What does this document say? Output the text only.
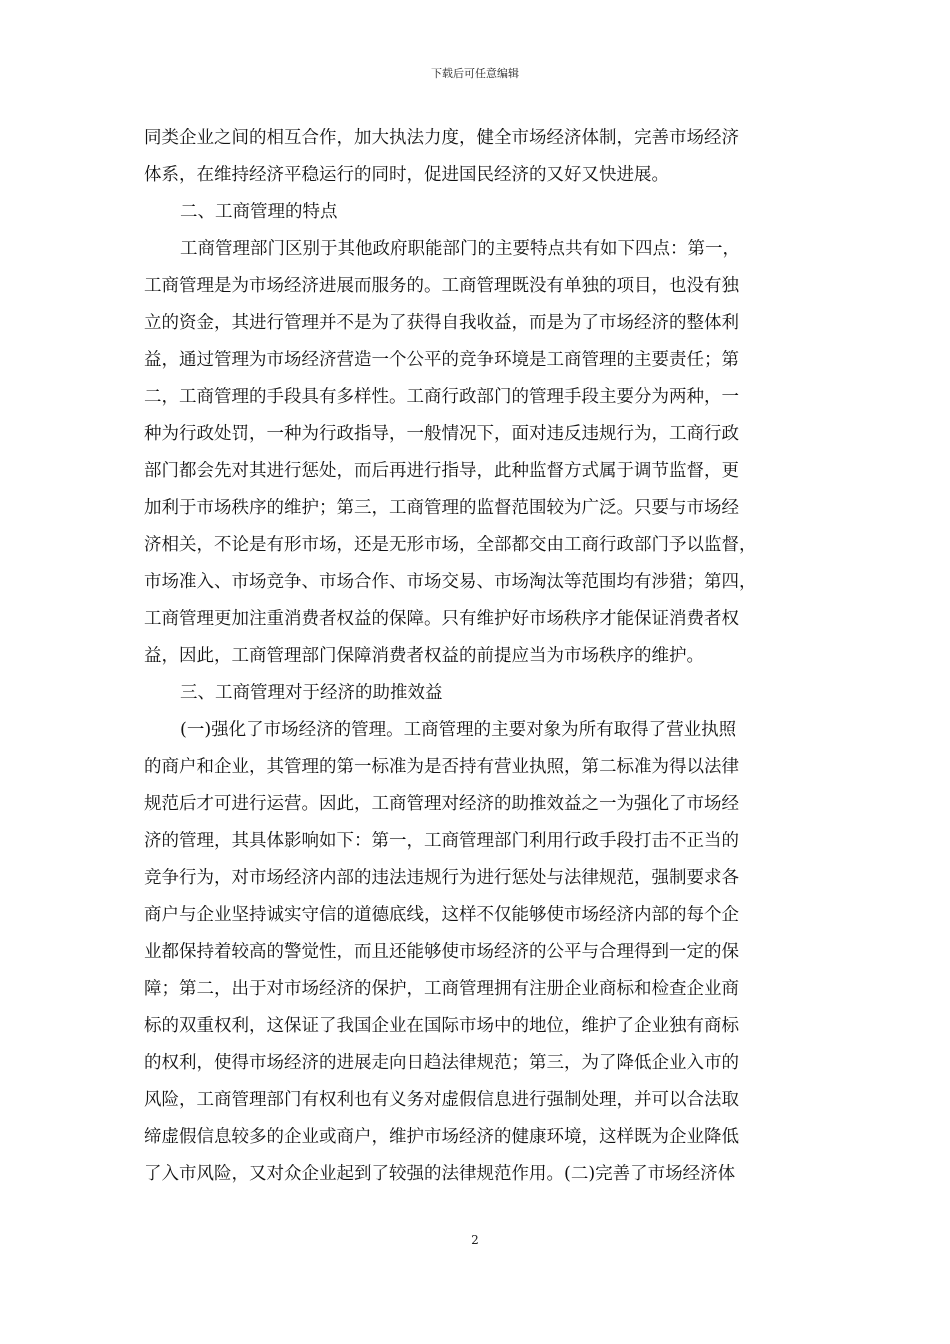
下载后可任意编辑
同类企业之间的相互合作，加大执法力度，健全市场经济体制，完善市场经济
体系，在维持经济平稳运行的同时，促进国民经济的又好又快进展。
二、工商管理的特点
工商管理部门区别于其他政府职能部门的主要特点共有如下四点：第一，
工商管理是为市场经济进展而服务的。工商管理既没有单独的项目，也没有独
立的资金，其进行管理并不是为了获得自我收益，而是为了市场经济的整体利
益，通过管理为市场经济营造一个公平的竞争环境是工商管理的主要责任；第
二，工商管理的手段具有多样性。工商行政部门的管理手段主要分为两种，一
种为行政处罚，一种为行政指导，一般情况下，面对违反违规行为，工商行政
部门都会先对其进行惩处，而后再进行指导，此种监督方式属于调节监督，更
加利于市场秩序的维护；第三，工商管理的监督范围较为广泛。只要与市场经
济相关，不论是有形市场，还是无形市场，全部都交由工商行政部门予以监督，
市场准入、市场竞争、市场合作、市场交易、市场淘汰等范围均有涉猎；第四，
工商管理更加注重消费者权益的保障。只有维护好市场秩序才能保证消费者权
益，因此，工商管理部门保障消费者权益的前提应当为市场秩序的维护。
三、工商管理对于经济的助推效益
(一)强化了市场经济的管理。工商管理的主要对象为所有取得了营业执照
的商户和企业，其管理的第一标准为是否持有营业执照，第二标准为得以法律
规范后才可进行运营。因此，工商管理对经济的助推效益之一为强化了市场经
济的管理，其具体影响如下：第一，工商管理部门利用行政手段打击不正当的
竞争行为，对市场经济内部的违法违规行为进行惩处与法律规范，强制要求各
商户与企业坚持诚实守信的道德底线，这样不仅能够使市场经济内部的每个企
业都保持着较高的警觉性，而且还能够使市场经济的公平与合理得到一定的保
障；第二，出于对市场经济的保护，工商管理拥有注册企业商标和检查企业商
标的双重权利，这保证了我国企业在国际市场中的地位，维护了企业独有商标
的权利，使得市场经济的进展走向日趋法律规范；第三，为了降低企业入市的
风险，工商管理部门有权利也有义务对虚假信息进行强制处理，并可以合法取
缔虚假信息较多的企业或商户，维护市场经济的健康环境，这样既为企业降低
了入市风险，又对众企业起到了较强的法律规范作用。(二)完善了市场经济体
2
